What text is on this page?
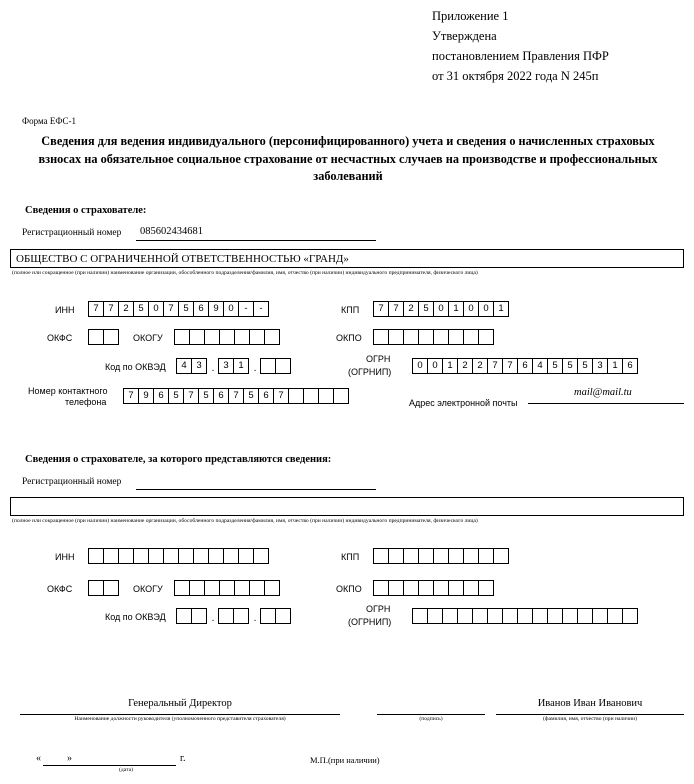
Приложение 1
Утверждена
постановлением Правления ПФР
от 31 октября 2022 года N 245п
Форма ЕФС-1
Сведения для ведения индивидуального (персонифицированного) учета и сведения о начисленных страховых взносах на обязательное социальное страхование от несчастных случаев на производстве и профессиональных заболеваний
Сведения о страхователе:
Регистрационный номер 085602434681
ОБЩЕСТВО С ОГРАНИЧЕННОЙ ОТВЕТСТВЕННОСТЬЮ «ГРАНД»
(полное или сокращенное (при наличии) наименование организации, обособленного подразделения/фамилия, имя, отчество (при наличии) индивидуального предпринимателя, физического лица)
ИНН	7	7	2	5	0	7	5	6	9	0	-	-	КПП	7	7	2	5	0	1	0	0	1
ОКФС	ОКОГУ	ОКПО
Код по ОКВЭД	4	3 . 3	1 .
ОГРН
(ОГРНИП)
0	0	1	2	2	7	7	6	4	5	5	5	3	1	6
Номер контактного
телефона
7	9	6	5	7	5	6	7	5	6	7
Адрес электронной почты
mail@mail.tu
Сведения о страхователе, за которого представляются сведения:
Регистрационный номер
(полное или сокращенное (при наличии) наименование организации, обособленного подразделения/фамилия, имя, отчество (при наличии) индивидуального предпринимателя, физического лица)
ИНН	КПП
ОКФС	ОКОГУ	ОКПО
Код по ОКВЭД	.	.
ОГРН
(ОГРНИП)
Генеральный Директор
Наименование должности руководителя (уполномоченного представителя страхователя)	(подпись)
Иванов Иван Иванович
(фамилия, имя, отчество (при наличии)
«	»
(дата)
г.	М.П.(при наличии)
